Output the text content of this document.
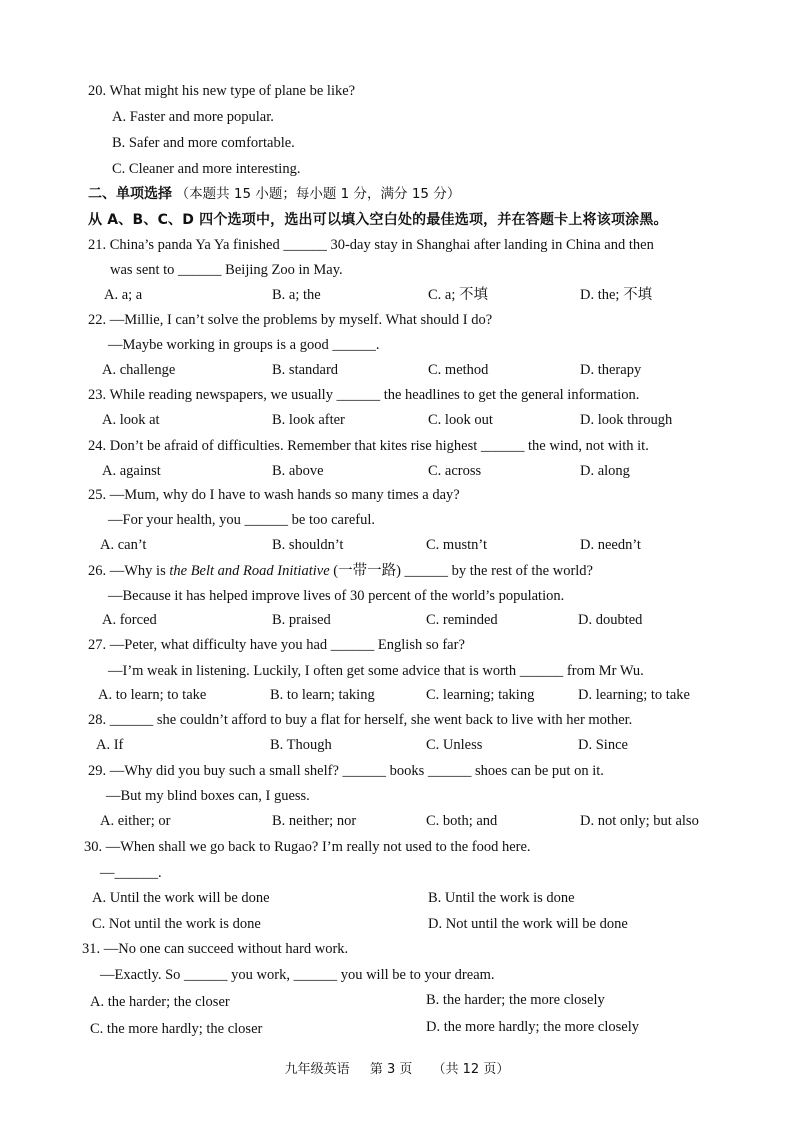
20. What might his new type of plane be like?
A. Faster and more popular.
B. Safer and more comfortable.
C. Cleaner and more interesting.
二、单项选择 （本题共 15 小题；每小题 1 分，满分 15 分）
从 A、B、C、D 四个选项中，选出可以填入空白处的最佳选项，并在答题卡上将该项涂黑。
21. China’s panda Ya Ya finished ______ 30-day stay in Shanghai after landing in China and then
was sent to ______ Beijing Zoo in May.
A. a; a	B. a; the	C. a; 不填	D. the; 不填
22. —Millie, I can’t solve the problems by myself. What should I do?
—Maybe working in groups is a good ______.
A. challenge	B. standard	C. method	D. therapy
23. While reading newspapers, we usually ______ the headlines to get the general information.
A. look at	B. look after	C. look out	D. look through
24. Don’t be afraid of difficulties. Remember that kites rise highest ______ the wind, not with it.
A. against	B. above	C. across	D. along
25. —Mum, why do I have to wash hands so many times a day?
—For your health, you ______ be too careful.
A. can’t	B. shouldn’t	C. mustn’t	D. needn’t
26. —Why is the Belt and Road Initiative (一带一路) ______ by the rest of the world?
—Because it has helped improve lives of 30 percent of the world’s population.
A. forced	B. praised	C. reminded	D. doubted
27. —Peter, what difficulty have you had ______ English so far?
—I’m weak in listening. Luckily, I often get some advice that is worth ______ from Mr Wu.
A. to learn; to take	B. to learn; taking	C. learning; taking	D. learning; to take
28. ______ she couldn’t afford to buy a flat for herself, she went back to live with her mother.
A. If	B. Though	C. Unless	D. Since
29. —Why did you buy such a small shelf? ______ books ______ shoes can be put on it.
—But my blind boxes can, I guess.
A. either; or	B. neither; nor	C. both; and	D. not only; but also
30. —When shall we go back to Rugao? I’m really not used to the food here.
—______.
A. Until the work will be done	B. Until the work is done
C. Not until the work is done	D. Not until the work will be done
31. —No one can succeed without hard work.
—Exactly. So ______ you work, ______ you will be to your dream.
A. the harder; the closer	B. the harder; the more closely
C. the more hardly; the closer	D. the more hardly; the more closely
九年级英语 第 3 页 （共 12 页）
